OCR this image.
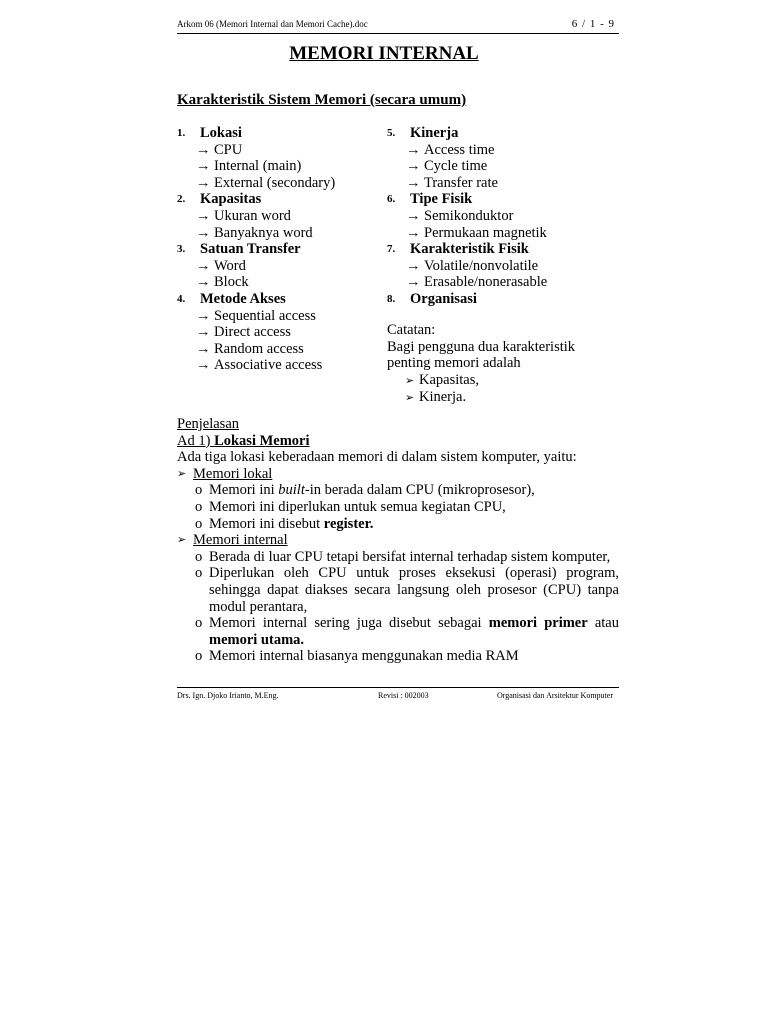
Arkom 06 (Memori Internal dan Memori Cache).doc	6 / 1 - 9
MEMORI INTERNAL
Karakteristik Sistem Memori (secara umum)
1.	Lokasi
→ CPU
→ Internal (main)
→ External (secondary)
2.	Kapasitas
→ Ukuran word
→ Banyaknya word
3.	Satuan Transfer
→ Word
→ Block
4.	Metode Akses
→ Sequential access
→ Direct access
→ Random access
→ Associative access
5.	Kinerja
→ Access time
→ Cycle time
→ Transfer rate
6.	Tipe Fisik
→ Semikonduktor
→ Permukaan magnetik
7.	Karakteristik Fisik
→ Volatile/nonvolatile
→ Erasable/nonerasable
8.	Organisasi
Catatan:
Bagi pengguna dua karakteristik
penting memori adalah
➢ Kapasitas,
➢ Kinerja.
Penjelasan
Ad 1) Lokasi Memori
Ada tiga lokasi keberadaan memori di dalam sistem komputer, yaitu:
➢ Memori lokal
o Memori ini built-in berada dalam CPU (mikroprosesor),
o Memori ini diperlukan untuk semua kegiatan CPU,
o Memori ini disebut register.
➢ Memori internal
o Berada di luar CPU tetapi bersifat internal terhadap sistem komputer,
o Diperlukan oleh CPU untuk proses eksekusi (operasi) program, sehingga dapat diakses secara langsung oleh prosesor (CPU) tanpa modul perantara,
o Memori internal sering juga disebut sebagai memori primer atau memori utama.
o Memori internal biasanya menggunakan media RAM
Drs. Ign. Djoko Irianto, M.Eng.	Revisi : 002003	Organisasi dan Arsitektur Komputer
